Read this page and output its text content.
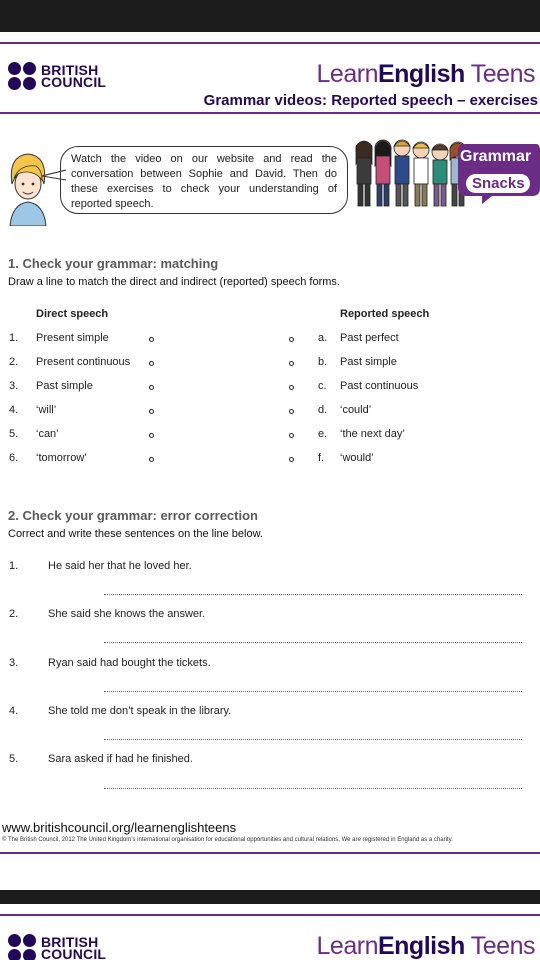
BRITISH
COUNCIL	LearnEnglish Teens
Grammar videos: Reported speech – exercises
Watch the video on our website and read the conversation between Sophie and David. Then do these exercises to check your understanding of reported speech.
Grammar
Snacks
1. Check your grammar: matching
Draw a line to match the direct and indirect (reported) speech forms.
Direct speech	Reported speech
1. Present simple	a. Past perfect
2. Present continuous	b. Past simple
3. Past simple	c. Past continuous
4. ‘will’	d. ‘could’
5. ‘can’	e. ‘the next day’
6. ‘tomorrow’	f. ‘would’
2. Check your grammar: error correction
Correct and write these sentences on the line below.
1.	He said her that he loved her.
2.	She said she knows the answer.
3.	Ryan said had bought the tickets.
4.	She told me don’t speak in the library.
5.	Sara asked if had he finished.
www.britishcouncil.org/learnenglishteens
© The British Council, 2012 The United Kingdom’s international organisation for educational opportunities and cultural relations. We are registered in England as a charity.
BRITISH
COUNCIL	LearnEnglish Teens
